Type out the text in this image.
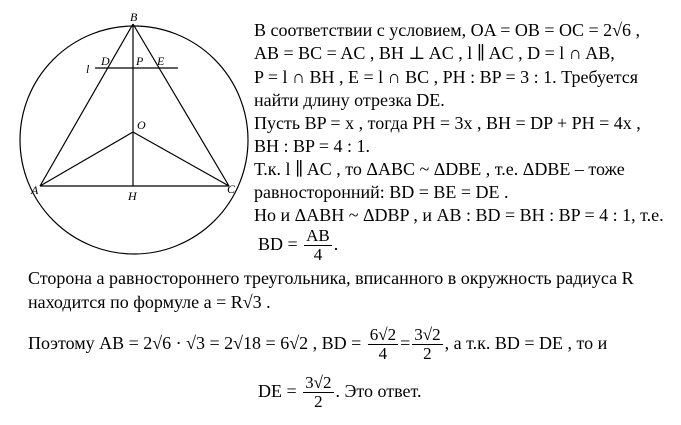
B
O
A	C
H
l
D P E
В соответствии с условием, OA = OB = OC = 2√6 ,
AB = BC = AC , BH ⊥ AC , l ∥ AC , D = l ∩ AB,
P = l ∩ BH , E = l ∩ BC , PH : BP = 3 : 1. Требуется
найти длину отрезка DE.
Пусть BP = x , тогда PH = 3x , BH = DP + PH = 4x ,
BH : BP = 4 : 1.
Т.к. l ∥ AC , то ΔABC ~ ΔDBE , т.е. ΔDBE – тоже
равносторонний: BD = BE = DE .
Но и ΔABH ~ ΔDBP , и AB : BD = BH : BP = 4 : 1, т.е.
BD = $\frac{AB}{4}$ .
Сторона a равностороннего треугольника, вписанного в окружность радиуса R
находится по формуле a = R√3 .
Поэтому AB = 2√6 · √3 = 2√18 = 6√2 , BD = $\frac{6√2}{4} = \frac{3√2}{2}$ , а т.к. BD = DE , то и
DE = $\frac{3√2}{2}$ . Это ответ.
